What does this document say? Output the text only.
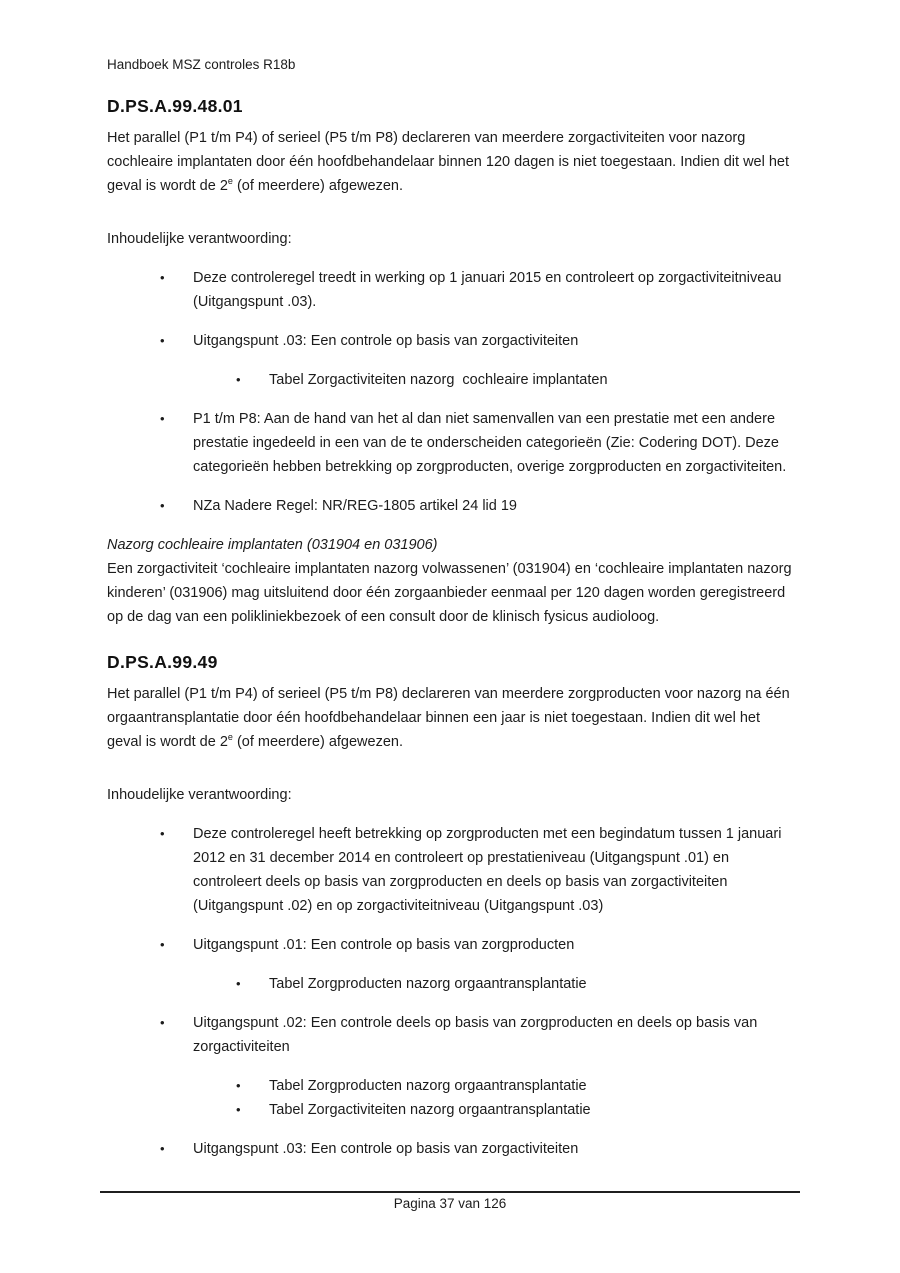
Handboek MSZ controles R18b
D.PS.A.99.48.01

Het parallel (P1 t/m P4) of serieel (P5 t/m P8) declareren van meerdere zorgactiviteiten voor nazorg cochleaire implantaten door één hoofdbehandelaar binnen 120 dagen is niet toegestaan. Indien dit wel het geval is wordt de 2e (of meerdere) afgewezen.

Inhoudelijke verantwoording:

•	Deze controleregel treedt in werking op 1 januari 2015 en controleert op zorgactiviteitniveau (Uitgangspunt .03).
•	Uitgangspunt .03: Een controle op basis van zorgactiviteiten
•	Tabel Zorgactiviteiten nazorg  cochleaire implantaten
•	P1 t/m P8: Aan de hand van het al dan niet samenvallen van een prestatie met een andere prestatie ingedeeld in een van de te onderscheiden categorieën (Zie: Codering DOT). Deze categorieën hebben betrekking op zorgproducten, overige zorgproducten en zorgactiviteiten.
•	NZa Nadere Regel: NR/REG-1805 artikel 24 lid 19

Nazorg cochleaire implantaten (031904 en 031906)

Een zorgactiviteit ‘cochleaire implantaten nazorg volwassenen’ (031904) en ‘cochleaire implantaten nazorg kinderen’ (031906) mag uitsluitend door één zorgaanbieder eenmaal per 120 dagen worden geregistreerd op de dag van een polikliniekbezoek of een consult door de klinisch fysicus audioloog.

D.PS.A.99.49

Het parallel (P1 t/m P4) of serieel (P5 t/m P8) declareren van meerdere zorgproducten voor nazorg na één orgaantransplantatie door één hoofdbehandelaar binnen een jaar is niet toegestaan. Indien dit wel het geval is wordt de 2e (of meerdere) afgewezen.

Inhoudelijke verantwoording:

•	Deze controleregel heeft betrekking op zorgproducten met een begindatum tussen 1 januari 2012 en 31 december 2014 en controleert op prestatieniveau (Uitgangspunt .01) en controleert deels op basis van zorgproducten en deels op basis van zorgactiviteiten (Uitgangspunt .02) en op zorgactiviteitniveau (Uitgangspunt .03)
•	Uitgangspunt .01: Een controle op basis van zorgproducten
•	Tabel Zorgproducten nazorg orgaantransplantatie
•	Uitgangspunt .02: Een controle deels op basis van zorgproducten en deels op basis van zorgactiviteiten
•	Tabel Zorgproducten nazorg orgaantransplantatie
•	Tabel Zorgactiviteiten nazorg orgaantransplantatie
•	Uitgangspunt .03: Een controle op basis van zorgactiviteiten
Pagina 37 van 126
